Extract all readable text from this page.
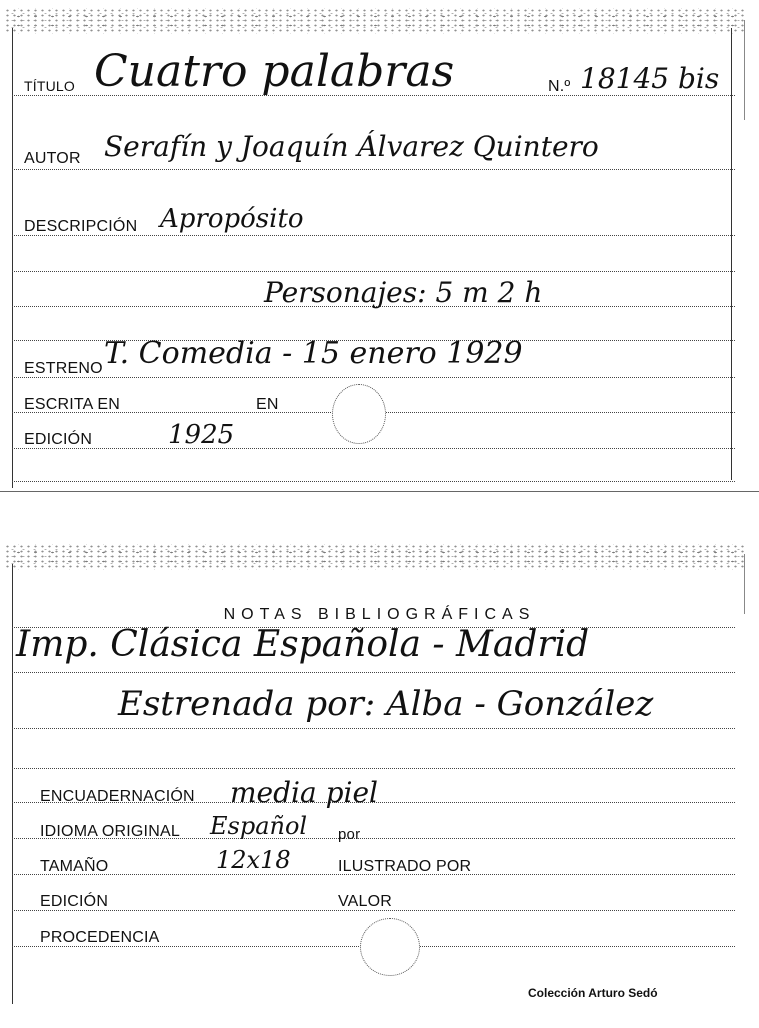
TÍTULO Cuatro palabras	N.º 18145 bis
AUTOR Serafín y Joaquín Álvarez Quintero
DESCRIPCIÓN Apropósito
Personajes: 5 m 2 h
ESTRENO T. Comedia - 15 enero 1929
ESCRITA EN	EN
EDICIÓN	1925
NOTAS BIBLIOGRÁFICAS
Imp. Clásica Española - Madrid
Estrenada por: Alba - González
ENCUADERNACIÓN media piel
IDIOMA ORIGINAL Español por
TAMAÑO	12x18	ILUSTRADO POR
EDICIÓN	VALOR
PROCEDENCIA
Colección Arturo Sedó
